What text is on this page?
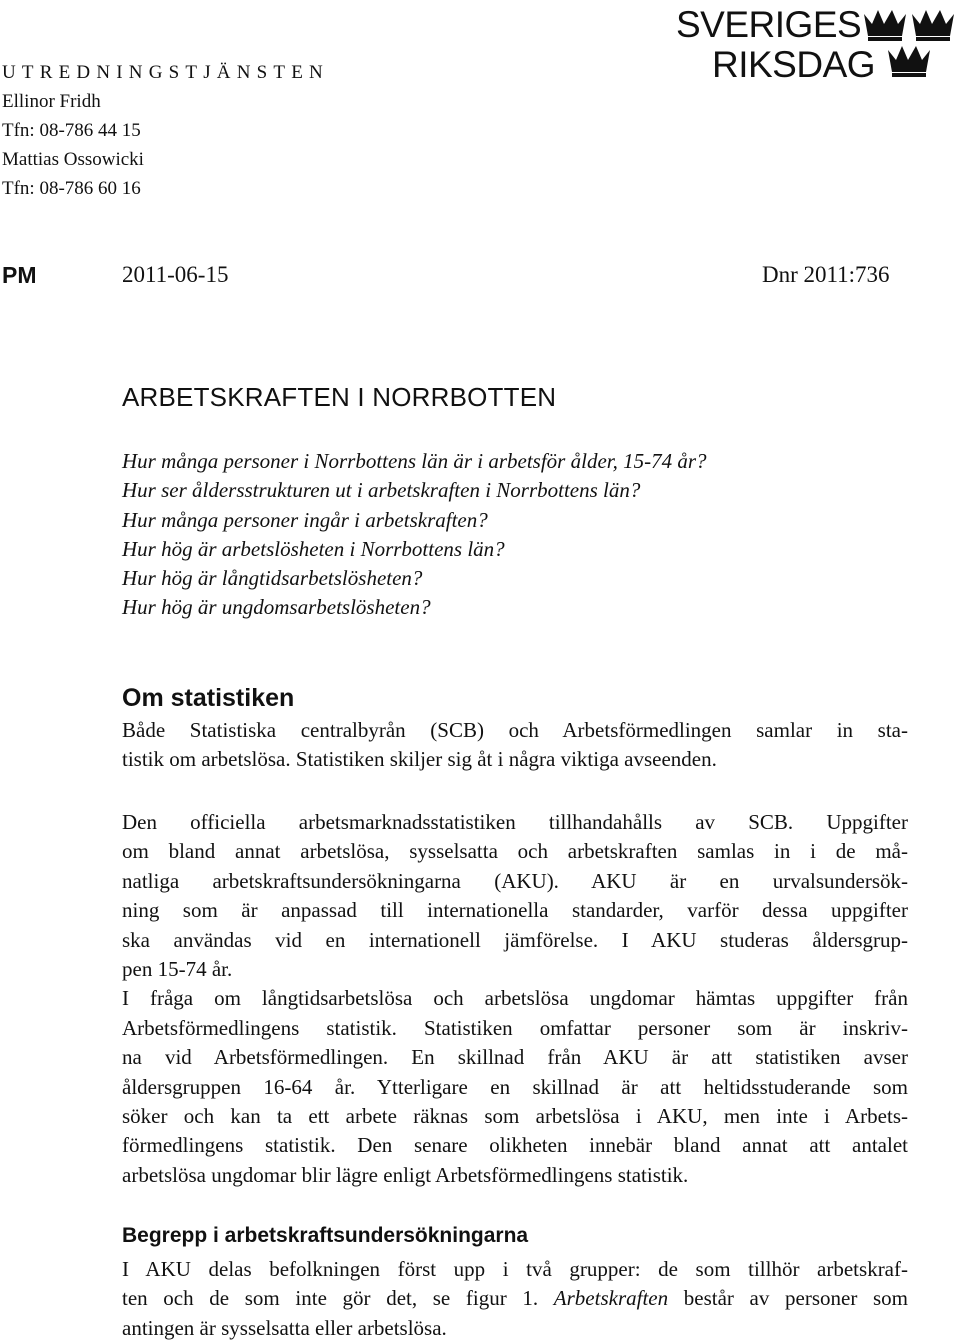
UTREDNINGSTJÄNSTEN
Ellinor Fridh
Tfn: 08-786 44 15
Mattias Ossowicki
Tfn: 08-786 60 16
SVERIGES
RIKSDAG
PM	2011-06-15	Dnr 2011:736
ARBETSKRAFTEN I NORRBOTTEN
Hur många personer i Norrbottens län är i arbetsför ålder, 15-74 år?
Hur ser åldersstrukturen ut i arbetskraften i Norrbottens län?
Hur många personer ingår i arbetskraften?
Hur hög är arbetslösheten i Norrbottens län?
Hur hög är långtidsarbetslösheten?
Hur hög är ungdomsarbetslösheten?
Om statistiken
Både Statistiska centralbyrån (SCB) och Arbetsförmedlingen samlar in sta-
tistik om arbetslösa. Statistiken skiljer sig åt i några viktiga avseenden.
Den officiella arbetsmarknadsstatistiken tillhandahålls av SCB. Uppgifter
om bland annat arbetslösa, sysselsatta och arbetskraften samlas in i de må-
natliga arbetskraftsundersökningarna (AKU). AKU är en urvalsundersök-
ning som är anpassad till internationella standarder, varför dessa uppgifter
ska användas vid en internationell jämförelse. I AKU studeras åldersgrup-
pen 15-74 år.
I fråga om långtidsarbetslösa och arbetslösa ungdomar hämtas uppgifter från
Arbetsförmedlingens statistik. Statistiken omfattar personer som är inskriv-
na vid Arbetsförmedlingen. En skillnad från AKU är att statistiken avser
åldersgruppen 16-64 år. Ytterligare en skillnad är att heltidsstuderande som
söker och kan ta ett arbete räknas som arbetslösa i AKU, men inte i Arbets-
förmedlingens statistik. Den senare olikheten innebär bland annat att antalet
arbetslösa ungdomar blir lägre enligt Arbetsförmedlingens statistik.
Begrepp i arbetskraftsundersökningarna
I AKU delas befolkningen först upp i två grupper: de som tillhör arbetskraf-
ten och de som inte gör det, se figur 1. Arbetskraften består av personer som
antingen är sysselsatta eller arbetslösa.
